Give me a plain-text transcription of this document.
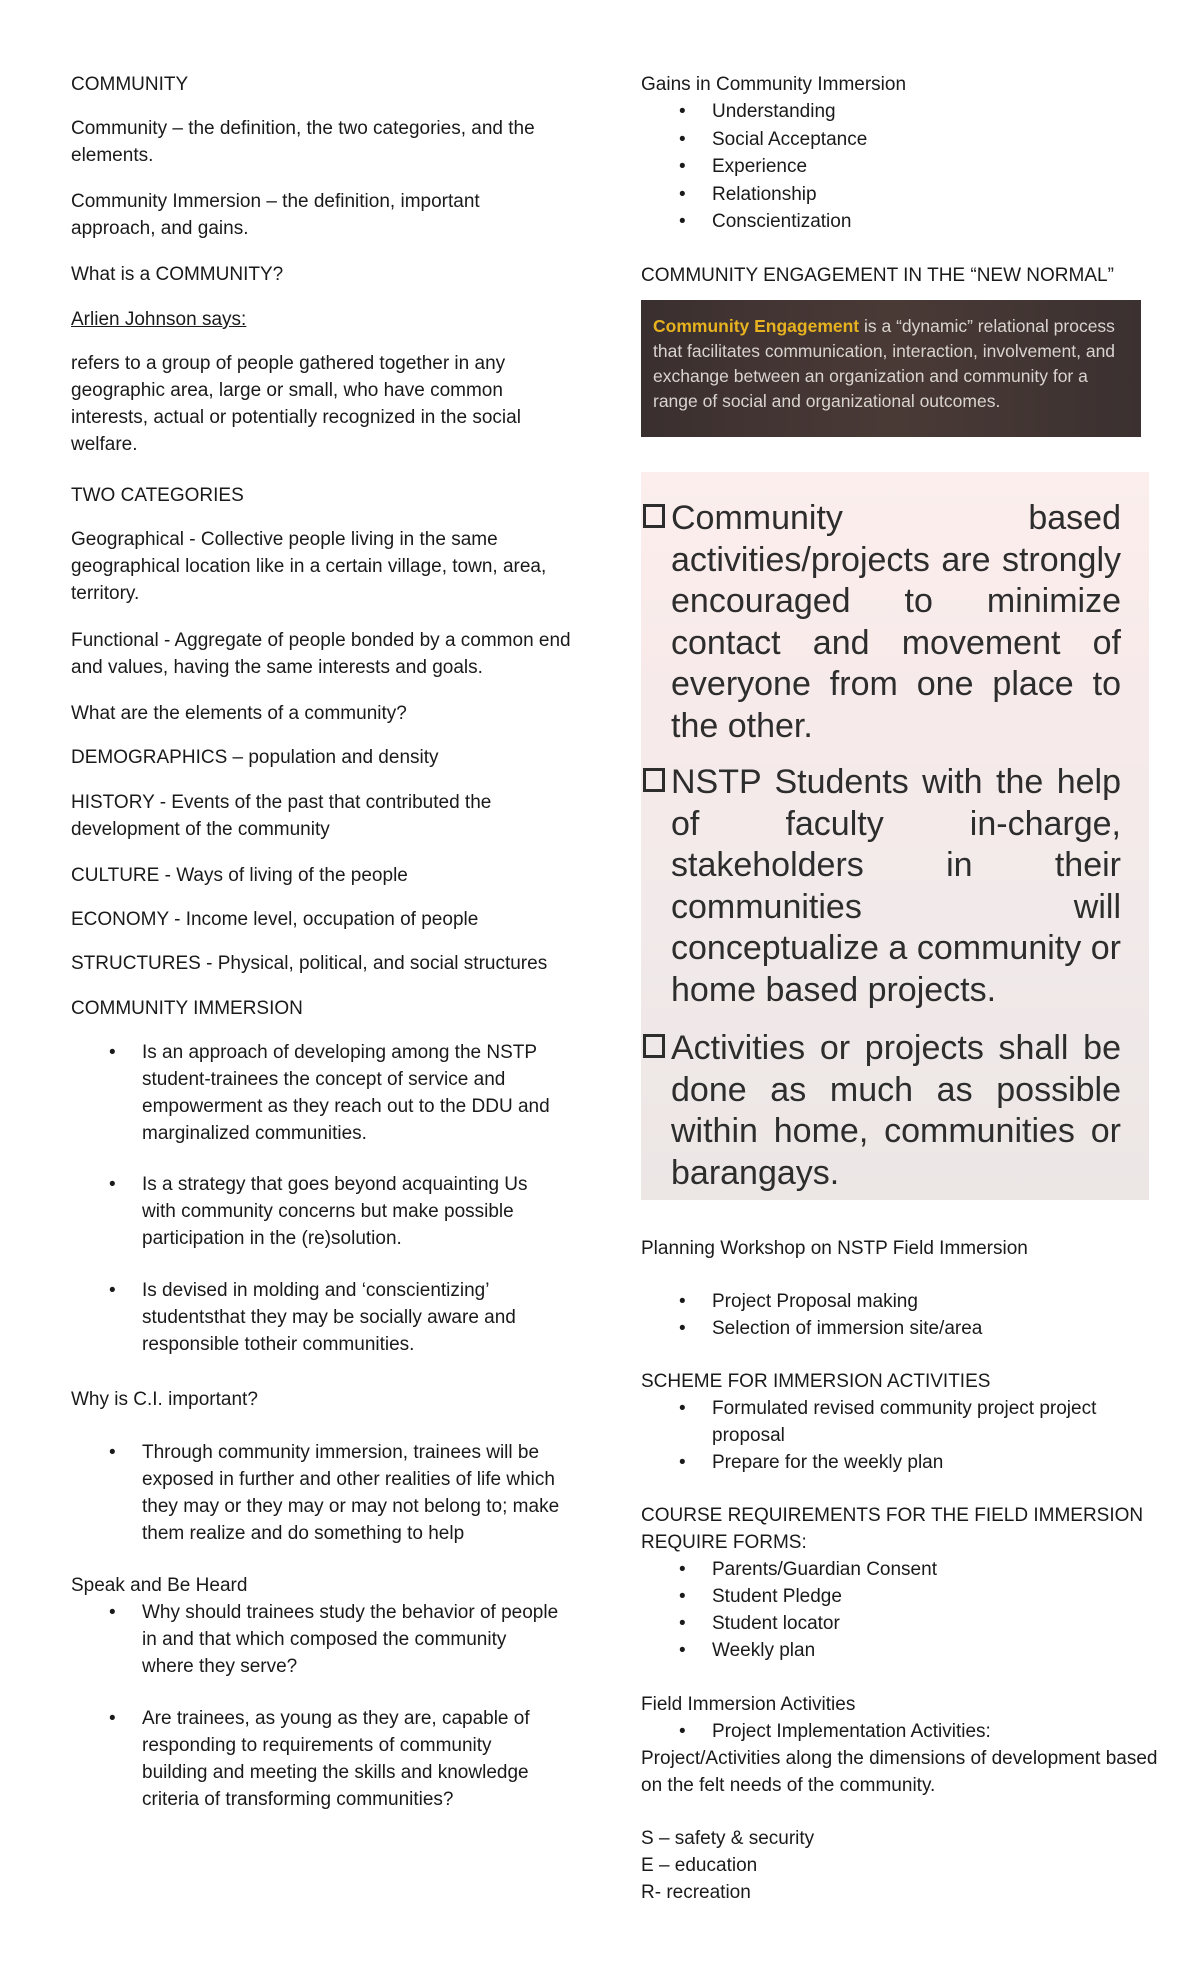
COMMUNITY

Community – the definition, the two categories, and the elements.

Community Immersion – the definition, important approach, and gains.

What is a COMMUNITY?

Arlien Johnson says:

refers to a group of people gathered together in any geographic area, large or small, who have common interests, actual or potentially recognized in the social welfare.

TWO CATEGORIES

Geographical - Collective people living in the same geographical location like in a certain village, town, area, territory.

Functional - Aggregate of people bonded by a common end and values, having the same interests and goals.

What are the elements of a community?

DEMOGRAPHICS – population and density

HISTORY - Events of the past that contributed the development of the community

CULTURE - Ways of living of the people

ECONOMY - Income level, occupation of people

STRUCTURES - Physical, political, and social structures

COMMUNITY IMMERSION

• Is an approach of developing among the NSTP student-trainees the concept of service and empowerment as they reach out to the DDU and marginalized communities.
• Is a strategy that goes beyond acquainting Us with community concerns but make possible participation in the (re)solution.
• Is devised in molding and ‘conscientizing’ studentsthat they may be socially aware and responsible totheir communities.

Why is C.I. important?

• Through community immersion, trainees will be exposed in further and other realities of life which they may or they may or may not belong to; make them realize and do something to help

Speak and Be Heard

• Why should trainees study the behavior of people in and that which composed the community where they serve?
• Are trainees, as young as they are, capable of responding to requirements of community building and meeting the skills and knowledge criteria of transforming communities?

Gains in Community Immersion

• Understanding
• Social Acceptance
• Experience
• Relationship
• Conscientization

COMMUNITY ENGAGEMENT IN THE “NEW NORMAL”

Community Engagement is a “dynamic” relational process that facilitates communication, interaction, involvement, and exchange between an organization and community for a range of social and organizational outcomes.

Community based activities/projects are strongly encouraged to minimize contact and movement of everyone from one place to the other.
NSTP Students with the help of faculty in-charge, stakeholders in their communities will conceptualize a community or home based projects.
Activities or projects shall be done as much as possible within home, communities or barangays.

Planning Workshop on NSTP Field Immersion

• Project Proposal making
• Selection of immersion site/area

SCHEME FOR IMMERSION ACTIVITIES

• Formulated revised community project project proposal
• Prepare for the weekly plan

COURSE REQUIREMENTS FOR THE FIELD IMMERSION REQUIRE FORMS:

• Parents/Guardian Consent
• Student Pledge
• Student locator
• Weekly plan

Field Immersion Activities

• Project Implementation Activities:

Project/Activities along the dimensions of development based on the felt needs of the community.

S – safety & security

E – education

R- recreation
